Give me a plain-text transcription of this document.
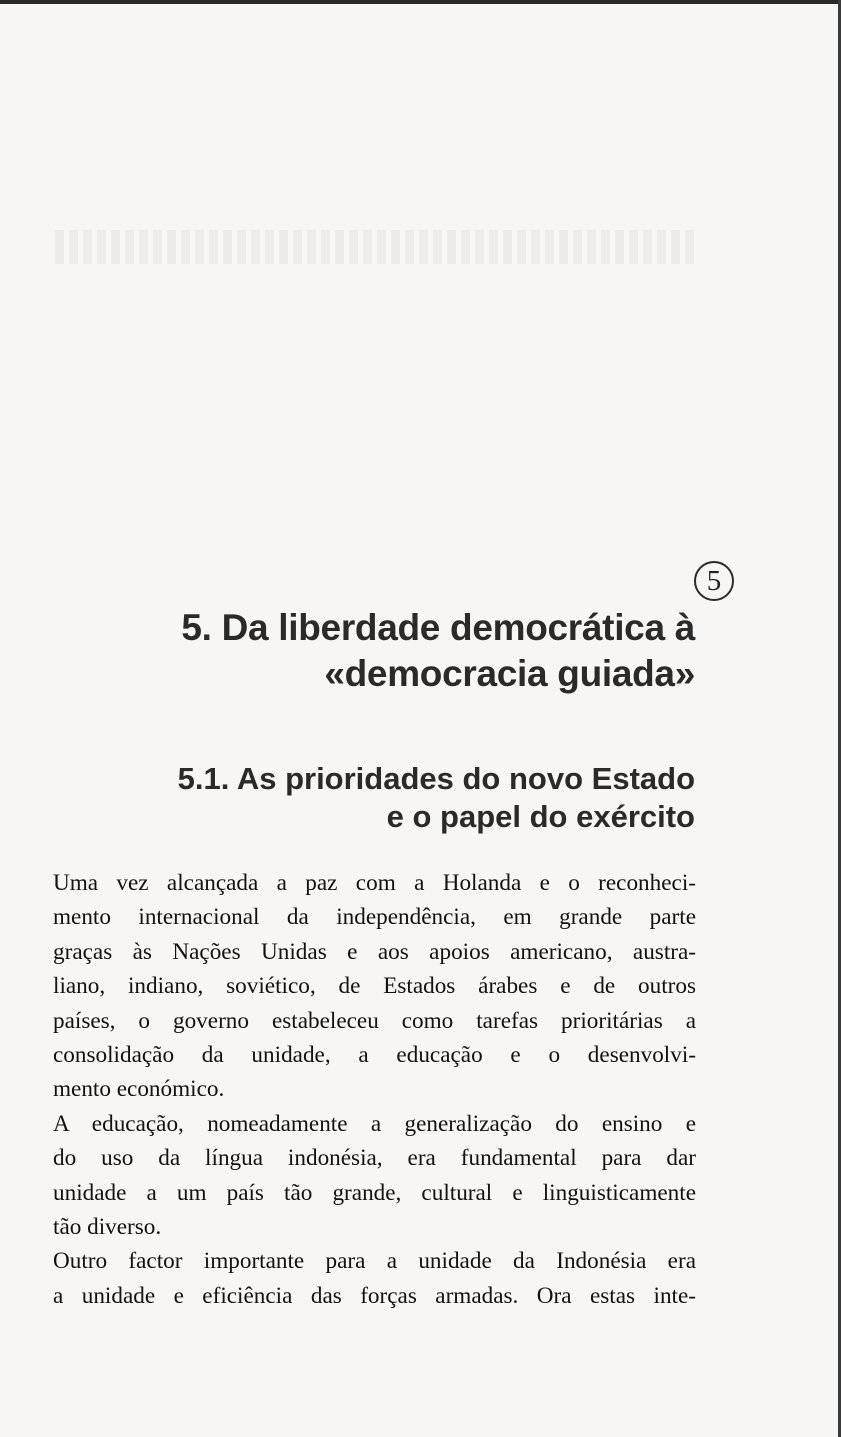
5
5. Da liberdade democrática à
«democracia guiada»
5.1. As prioridades do novo Estado
e o papel do exército
Uma vez alcançada a paz com a Holanda e o reconheci-
mento internacional da independência, em grande parte
graças às Nações Unidas e aos apoios americano, austra-
liano, indiano, soviético, de Estados árabes e de outros
países, o governo estabeleceu como tarefas prioritárias a
consolidação da unidade, a educação e o desenvolvi-
mento económico.
A educação, nomeadamente a generalização do ensino e
do uso da língua indonésia, era fundamental para dar
unidade a um país tão grande, cultural e linguisticamente
tão diverso.
Outro factor importante para a unidade da Indonésia era
a unidade e eficiência das forças armadas. Ora estas inte-
